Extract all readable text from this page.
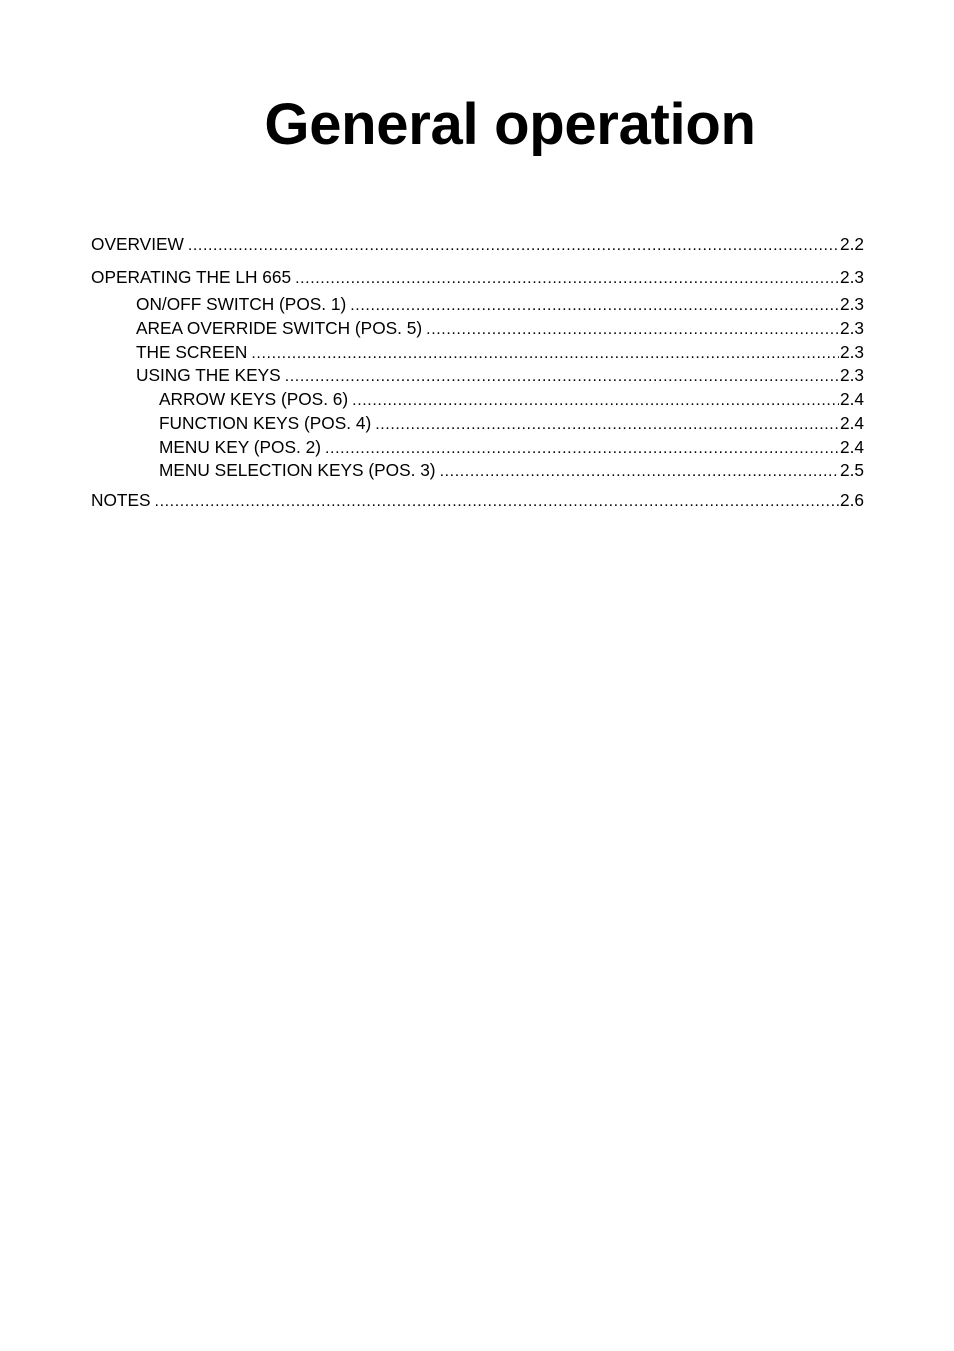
General operation
OVERVIEW .....	2.2
OPERATING THE LH 665 .....	2.3
ON/OFF SWITCH (POS. 1) .....	2.3
AREA OVERRIDE SWITCH (POS. 5) .....	2.3
THE SCREEN .....	2.3
USING THE KEYS .....	2.3
ARROW KEYS (POS. 6) .....	2.4
FUNCTION KEYS (POS. 4) .....	2.4
MENU KEY (POS. 2) .....	2.4
MENU SELECTION KEYS (POS. 3) .....	2.5
NOTES .....	2.6
